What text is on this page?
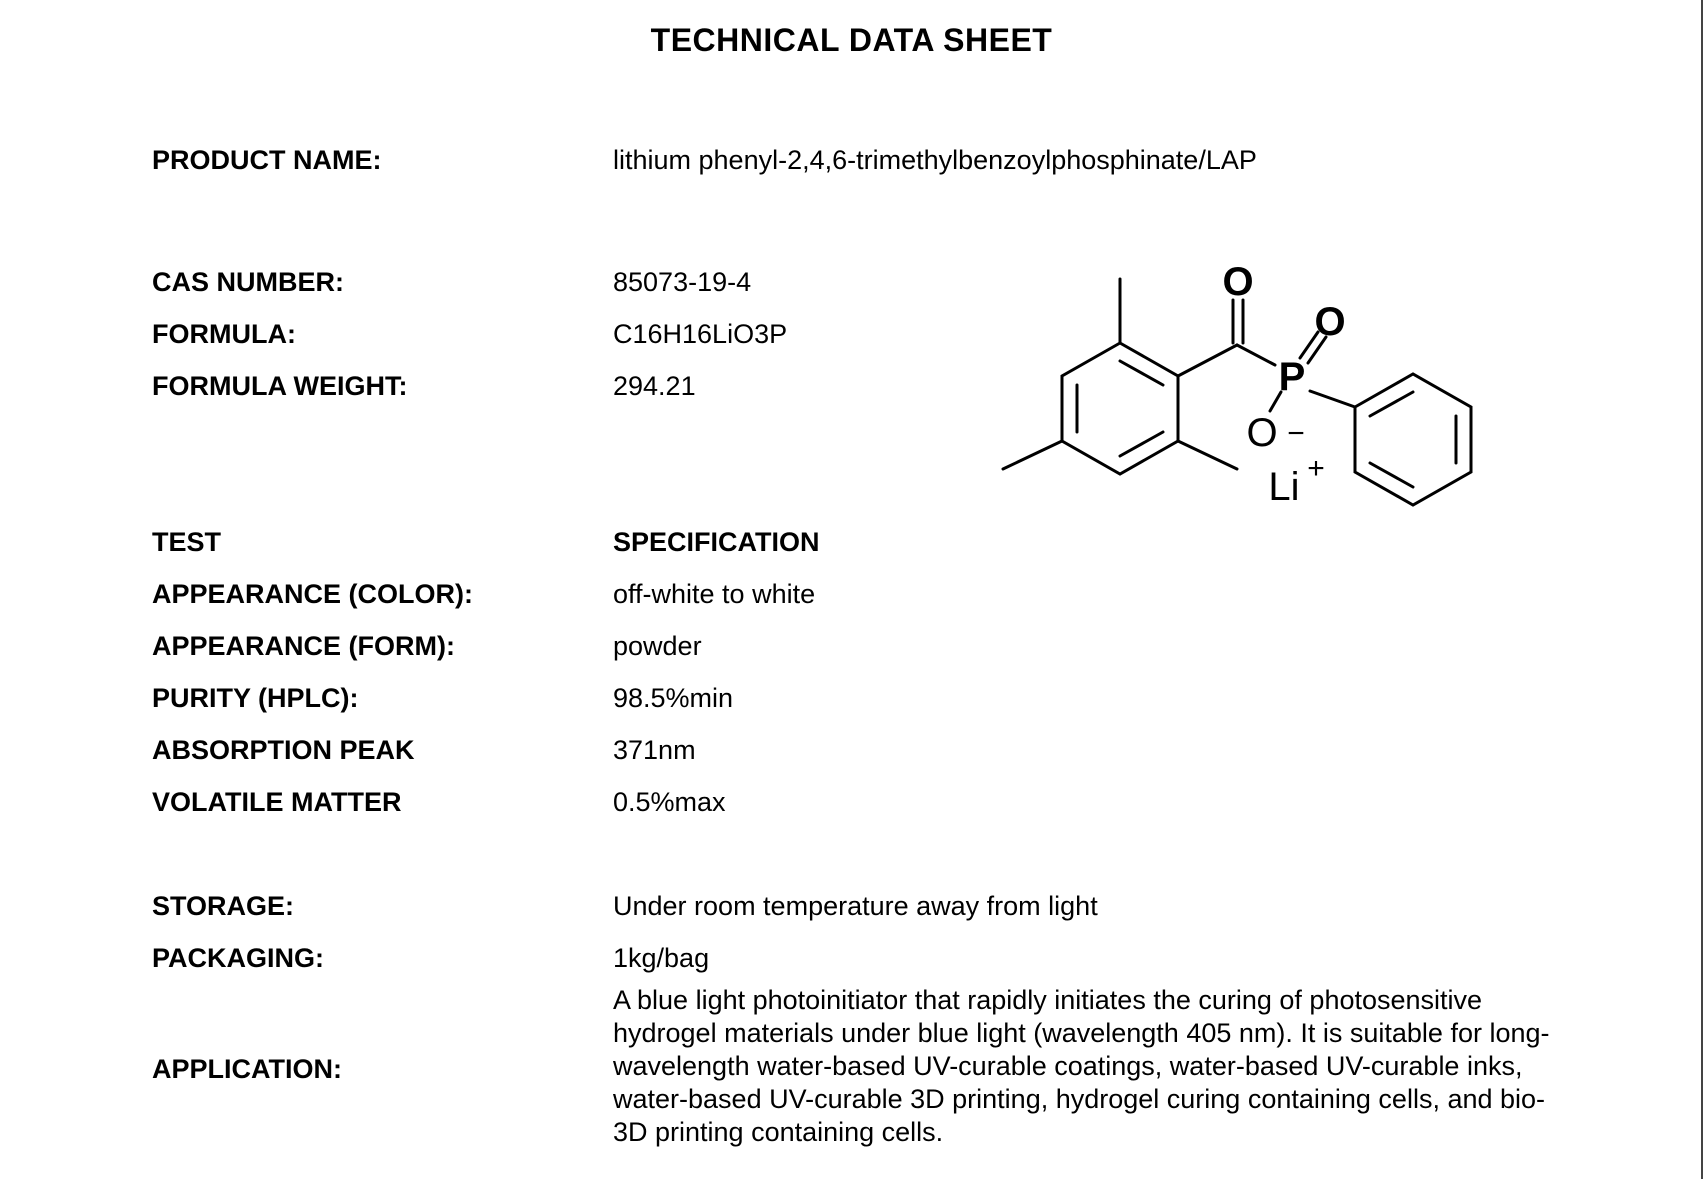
TECHNICAL DATA SHEET
PRODUCT NAME:	lithium phenyl-2,4,6-trimethylbenzoylphosphinate/LAP
CAS NUMBER:	85073-19-4
FORMULA:	C16H16LiO3P
FORMULA WEIGHT:	294.21
O
O
P
O −
Li +
TEST	SPECIFICATION
APPEARANCE (COLOR):	off-white to white
APPEARANCE (FORM):	powder
PURITY (HPLC):	98.5%min
ABSORPTION PEAK	371nm
VOLATILE MATTER	0.5%max
STORAGE:	Under room temperature away from light
PACKAGING:	1kg/bag
APPLICATION:
A blue light photoinitiator that rapidly initiates the curing of photosensitive hydrogel materials under blue light (wavelength 405 nm). It is suitable for long-wavelength water-based UV-curable coatings, water-based UV-curable inks, water-based UV-curable 3D printing, hydrogel curing containing cells, and bio-3D printing containing cells.
